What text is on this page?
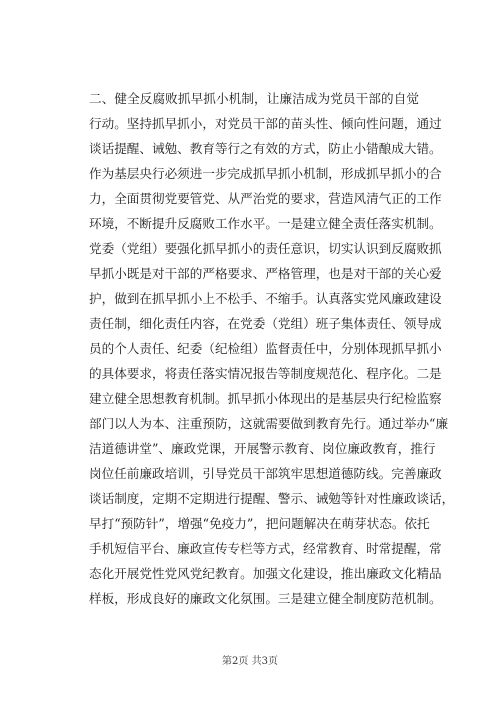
二、健全反腐败抓早抓小机制，让廉洁成为党员干部的自觉
行动。坚持抓早抓小，对党员干部的苗头性、倾向性问题，通过
谈话提醒、诫勉、教育等行之有效的方式，防止小错酿成大错。
作为基层央行必须进一步完成抓早抓小机制，形成抓早抓小的合
力，全面贯彻党要管党、从严治党的要求，营造风清气正的工作
环境，不断提升反腐败工作水平。一是建立健全责任落实机制。
党委（党组）要强化抓早抓小的责任意识，切实认识到反腐败抓
早抓小既是对干部的严格要求、严格管理，也是对干部的关心爱
护，做到在抓早抓小上不松手、不缩手。认真落实党风廉政建设
责任制，细化责任内容，在党委（党组）班子集体责任、领导成
员的个人责任、纪委（纪检组）监督责任中，分别体现抓早抓小
的具体要求，将责任落实情况报告等制度规范化、程序化。二是
建立健全思想教育机制。抓早抓小体现出的是基层央行纪检监察
部门以人为本、注重预防，这就需要做到教育先行。通过举办“廉
洁道德讲堂”、廉政党课，开展警示教育、岗位廉政教育，推行
岗位任前廉政培训，引导党员干部筑牢思想道德防线。完善廉政
谈话制度，定期不定期进行提醒、警示、诫勉等针对性廉政谈话，
早打“预防针”，增强“免疫力”，把问题解决在萌芽状态。依托
手机短信平台、廉政宣传专栏等方式，经常教育、时常提醒，常
态化开展党性党风党纪教育。加强文化建设，推出廉政文化精品
样板，形成良好的廉政文化氛围。三是建立健全制度防范机制。
第2页 共3页
